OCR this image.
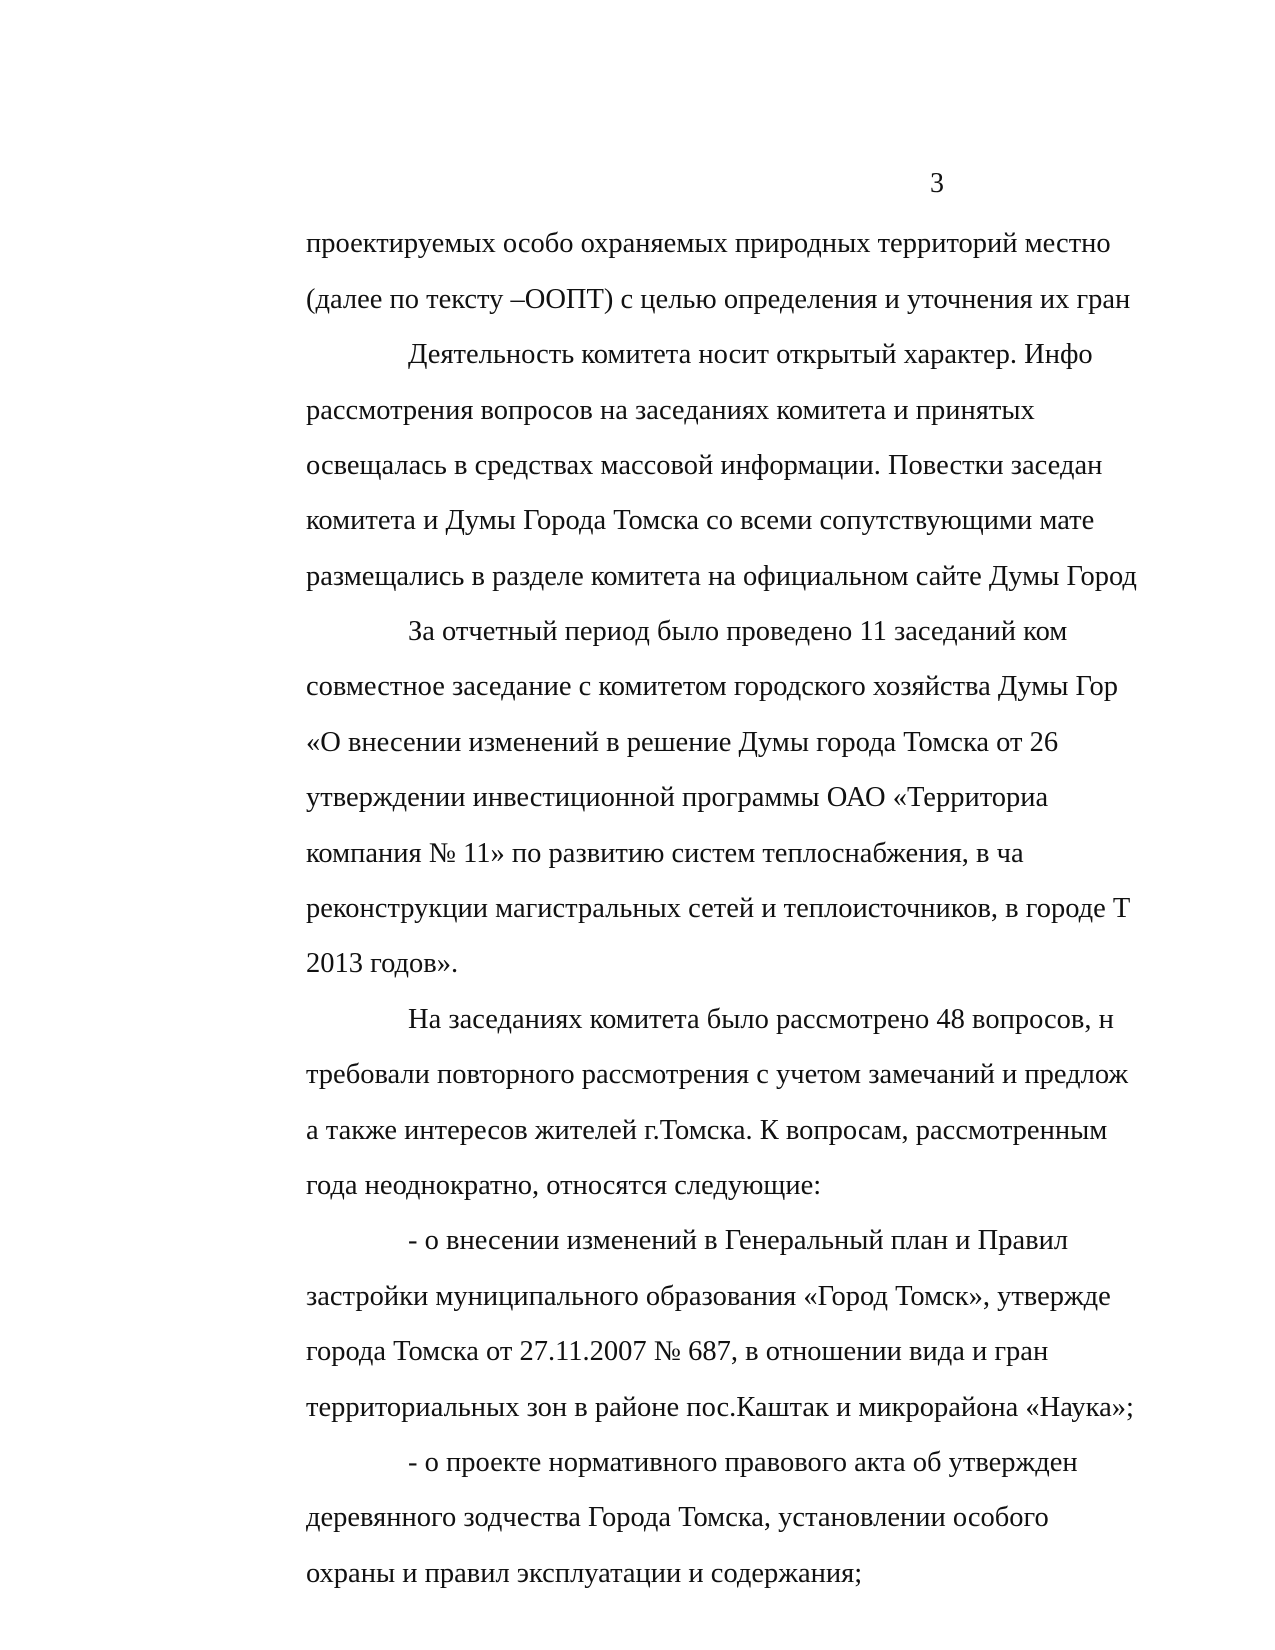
3
проектируемых особо охраняемых природных территорий местно
(далее по тексту –ООПТ) с целью определения и уточнения их гран
Деятельность комитета носит открытый характер. Инфо
рассмотрения вопросов на заседаниях комитета и принятых
освещалась в средствах массовой информации. Повестки заседан
комитета и Думы Города Томска со всеми сопутствующими мате
размещались в разделе комитета на официальном сайте Думы Город
За отчетный период было проведено 11 заседаний ком
совместное заседание с комитетом городского хозяйства Думы Гор
«О внесении изменений в решение Думы города Томска от 26
утверждении инвестиционной программы ОАО «Территориа
компания № 11» по развитию систем теплоснабжения, в ча
реконструкции магистральных сетей и теплоисточников, в городе Т
2013 годов».
На заседаниях комитета было рассмотрено 48 вопросов, н
требовали повторного рассмотрения с учетом замечаний и предлож
а также интересов жителей г.Томска. К вопросам, рассмотренным
года неоднократно, относятся следующие:
- о внесении изменений в Генеральный план и Правил
застройки муниципального образования «Город Томск», утвержде
города Томска от 27.11.2007 № 687, в отношении вида и гран
территориальных зон в районе пос.Каштак и микрорайона «Наука»;
- о проекте нормативного правового акта об утвержден
деревянного зодчества Города Томска, установлении особого
охраны и правил эксплуатации и содержания;
